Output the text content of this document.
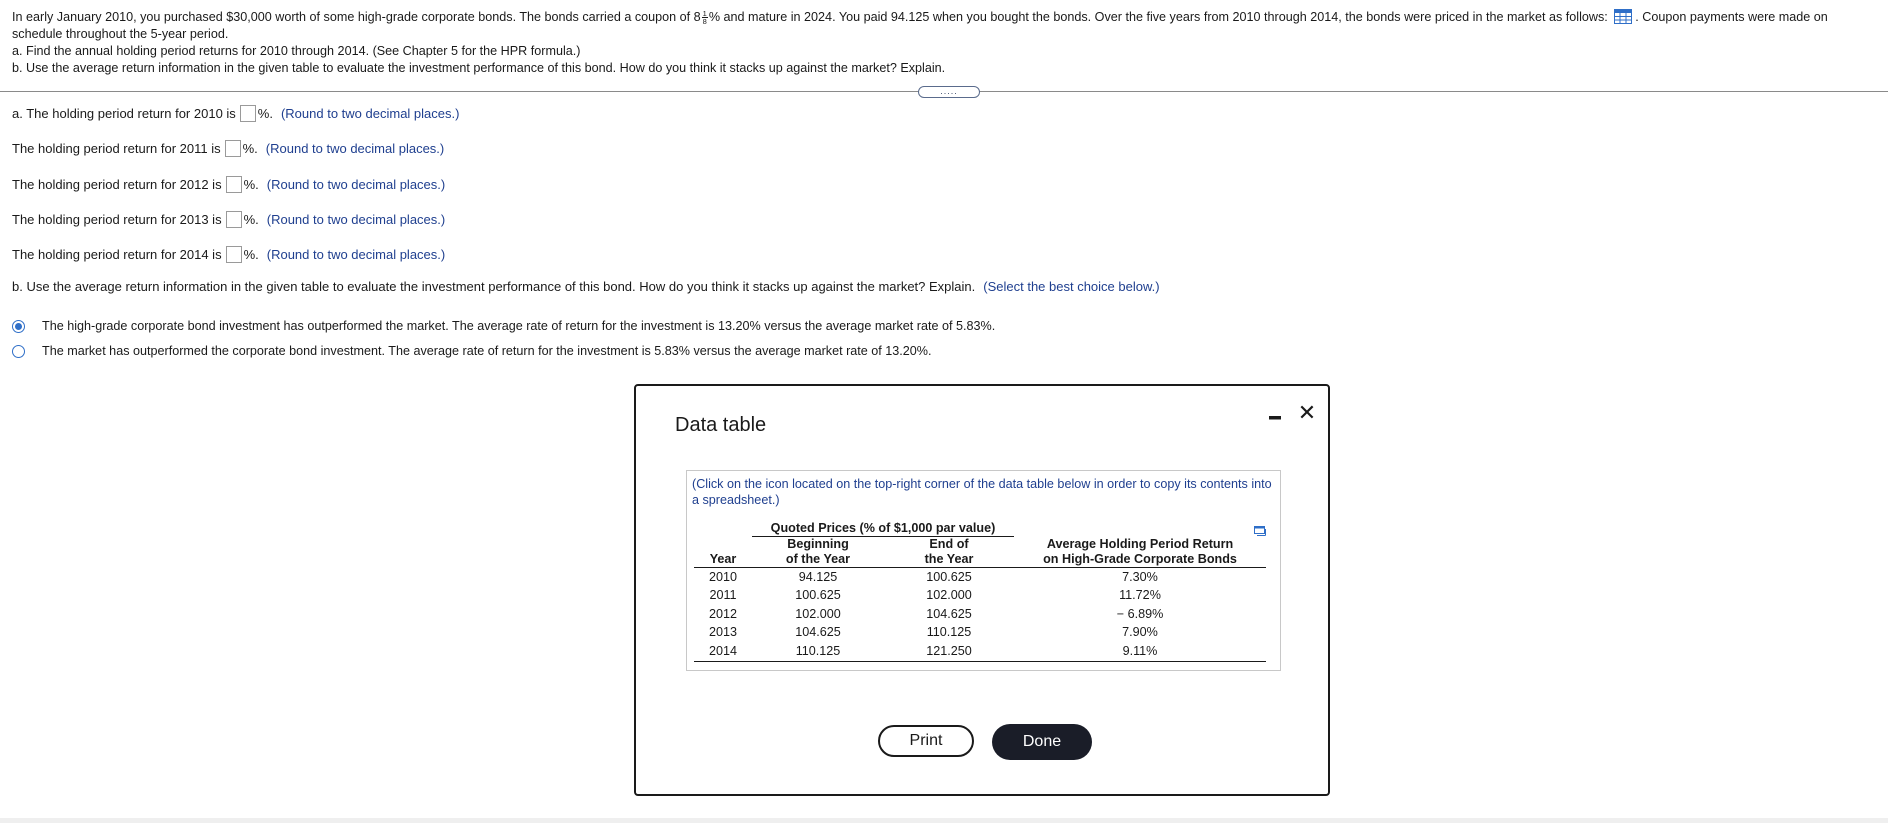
In early January 2010, you purchased $30,000 worth of some high-grade corporate bonds. The bonds carried a coupon of $8 \frac{1}{8}$ % and mature in 2024. You paid 94.125 when you bought the bonds. Over the five years from 2010 through 2014, the bonds were priced in the market as follows: . Coupon payments were made on schedule throughout the 5-year period.

a. Find the annual holding period returns for 2010 through 2014. (See Chapter 5 for the HPR formula.)

b. Use the average return information in the given table to evaluate the investment performance of this bond. How do you think it stacks up against the market? Explain.

.....
a. The holding period return for 2010 is %. (Round to two decimal places.)
The holding period return for 2011 is %. (Round to two decimal places.)
The holding period return for 2012 is %. (Round to two decimal places.)
The holding period return for 2013 is %. (Round to two decimal places.)
The holding period return for 2014 is %. (Round to two decimal places.)
b. Use the average return information in the given table to evaluate the investment performance of this bond. How do you think it stacks up against the market? Explain. (Select the best choice below.)
The high-grade corporate bond investment has outperformed the market. The average rate of return for the investment is 13.20% versus the average market rate of 5.83%.
The market has outperformed the corporate bond investment. The average rate of return for the investment is 5.83% versus the average market rate of 13.20%.
Data table	✕
(Click on the icon located on the top-right corner of the data table below in order to copy its contents into a spreadsheet.)
	Quoted Prices (% of $1,000 par value)		
	Beginning	End of	Average Holding Period Return
Year	of the Year	the Year	on High-Grade Corporate Bonds
2010	94.125	100.625	7.30%
2011	100.625	102.000	11.72%
2012	102.000	104.625	− 6.89%
2013	104.625	110.125	7.90%
2014	110.125	121.250	9.11%
Print	Done
